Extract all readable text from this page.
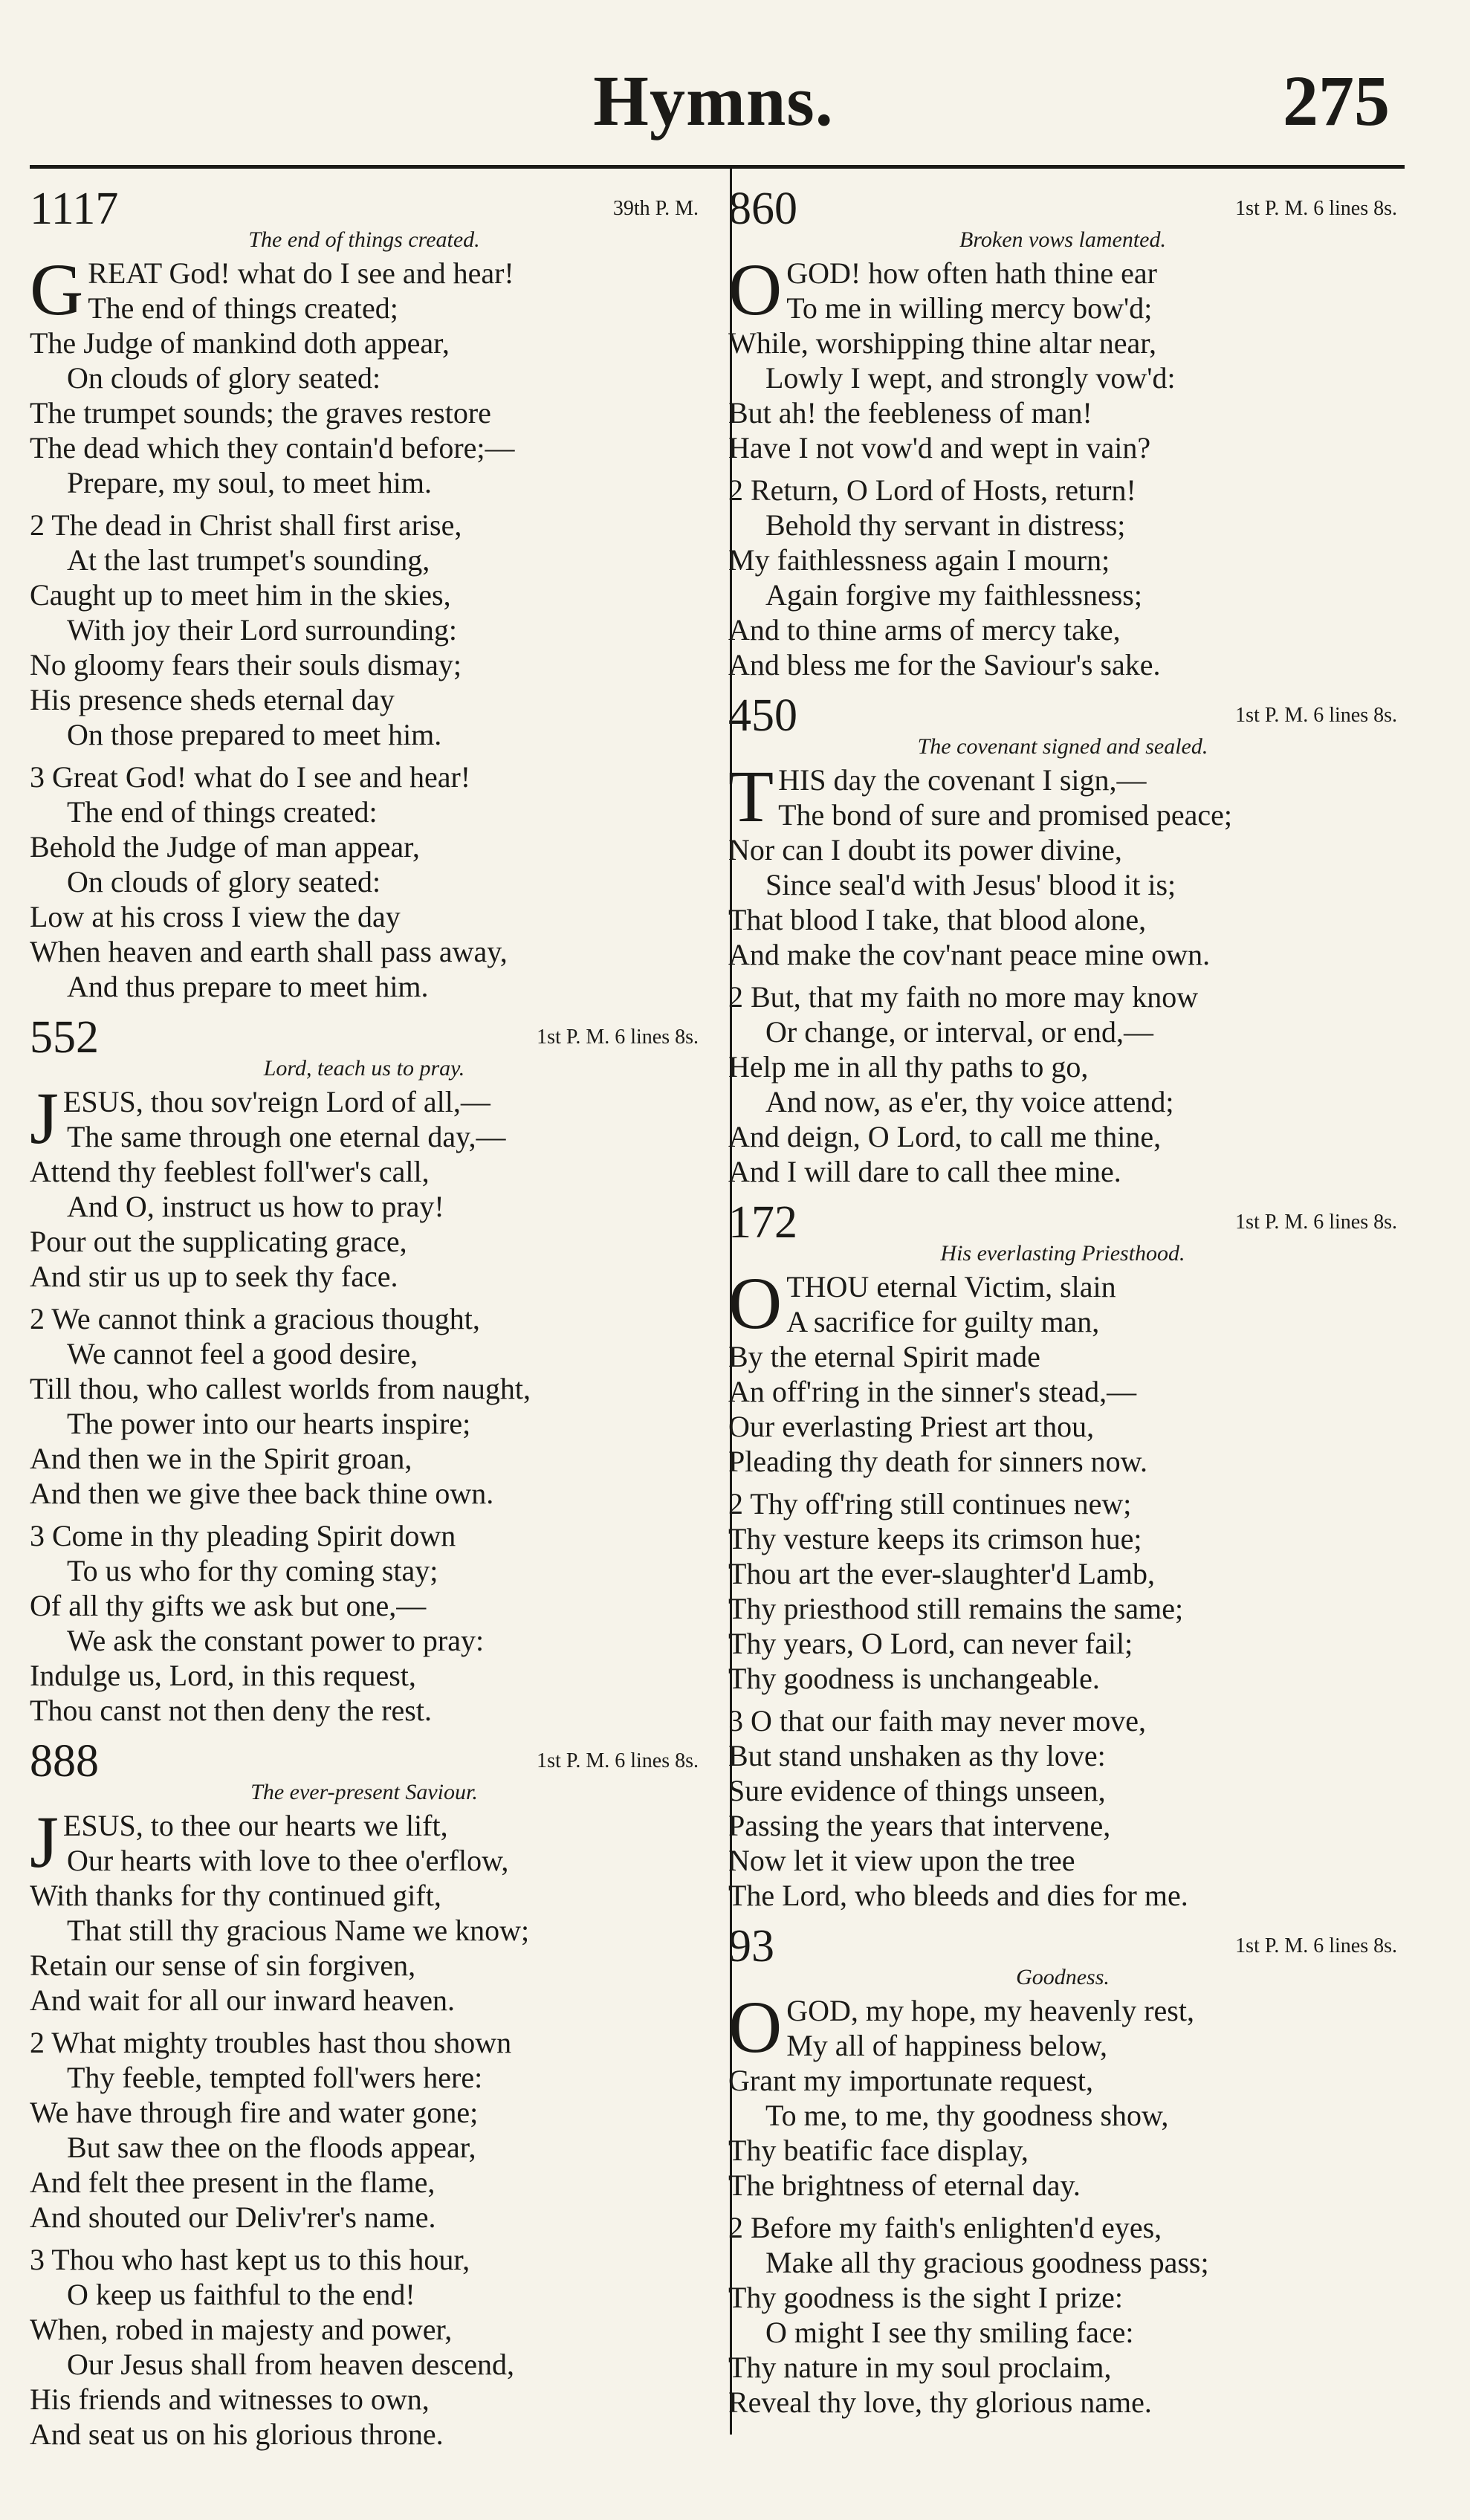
Hymns.	275
1117	39th P. M.
The end of things created.
G REAT God! what do I see and hear!
The end of things created;
The Judge of mankind doth appear,
On clouds of glory seated:
The trumpet sounds; the graves restore
The dead which they contain'd before;—
Prepare, my soul, to meet him.
2 The dead in Christ shall first arise,
At the last trumpet's sounding,
Caught up to meet him in the skies,
With joy their Lord surrounding:
No gloomy fears their souls dismay;
His presence sheds eternal day
On those prepared to meet him.
3 Great God! what do I see and hear!
The end of things created:
Behold the Judge of man appear,
On clouds of glory seated:
Low at his cross I view the day
When heaven and earth shall pass away,
And thus prepare to meet him.
552	1st P. M. 6 lines 8s.
Lord, teach us to pray.
J ESUS, thou sov'reign Lord of all,—
The same through one eternal day,—
Attend thy feeblest foll'wer's call,
And O, instruct us how to pray!
Pour out the supplicating grace,
And stir us up to seek thy face.
2 We cannot think a gracious thought,
We cannot feel a good desire,
Till thou, who callest worlds from naught,
The power into our hearts inspire;
And then we in the Spirit groan,
And then we give thee back thine own.
3 Come in thy pleading Spirit down
To us who for thy coming stay;
Of all thy gifts we ask but one,—
We ask the constant power to pray:
Indulge us, Lord, in this request,
Thou canst not then deny the rest.
888	1st P. M. 6 lines 8s.
The ever-present Saviour.
J ESUS, to thee our hearts we lift,
Our hearts with love to thee o'erflow,
With thanks for thy continued gift,
That still thy gracious Name we know;
Retain our sense of sin forgiven,
And wait for all our inward heaven.
2 What mighty troubles hast thou shown
Thy feeble, tempted foll'wers here:
We have through fire and water gone;
But saw thee on the floods appear,
And felt thee present in the flame,
And shouted our Deliv'rer's name.
3 Thou who hast kept us to this hour,
O keep us faithful to the end!
When, robed in majesty and power,
Our Jesus shall from heaven descend,
His friends and witnesses to own,
And seat us on his glorious throne.
860	1st P. M. 6 lines 8s.
Broken vows lamented.
O GOD! how often hath thine ear
To me in willing mercy bow'd;
While, worshipping thine altar near,
Lowly I wept, and strongly vow'd:
But ah! the feebleness of man!
Have I not vow'd and wept in vain?
2 Return, O Lord of Hosts, return!
Behold thy servant in distress;
My faithlessness again I mourn;
Again forgive my faithlessness;
And to thine arms of mercy take,
And bless me for the Saviour's sake.
450	1st P. M. 6 lines 8s.
The covenant signed and sealed.
T HIS day the covenant I sign,—
The bond of sure and promised peace;
Nor can I doubt its power divine,
Since seal'd with Jesus' blood it is;
That blood I take, that blood alone,
And make the cov'nant peace mine own.
2 But, that my faith no more may know
Or change, or interval, or end,—
Help me in all thy paths to go,
And now, as e'er, thy voice attend;
And deign, O Lord, to call me thine,
And I will dare to call thee mine.
172	1st P. M. 6 lines 8s.
His everlasting Priesthood.
O THOU eternal Victim, slain
A sacrifice for guilty man,
By the eternal Spirit made
An off'ring in the sinner's stead,—
Our everlasting Priest art thou,
Pleading thy death for sinners now.
2 Thy off'ring still continues new;
Thy vesture keeps its crimson hue;
Thou art the ever-slaughter'd Lamb,
Thy priesthood still remains the same;
Thy years, O Lord, can never fail;
Thy goodness is unchangeable.
3 O that our faith may never move,
But stand unshaken as thy love:
Sure evidence of things unseen,
Passing the years that intervene,
Now let it view upon the tree
The Lord, who bleeds and dies for me.
93	1st P. M. 6 lines 8s.
Goodness.
O GOD, my hope, my heavenly rest,
My all of happiness below,
Grant my importunate request,
To me, to me, thy goodness show,
Thy beatific face display,
The brightness of eternal day.
2 Before my faith's enlighten'd eyes,
Make all thy gracious goodness pass;
Thy goodness is the sight I prize:
O might I see thy smiling face:
Thy nature in my soul proclaim,
Reveal thy love, thy glorious name.
